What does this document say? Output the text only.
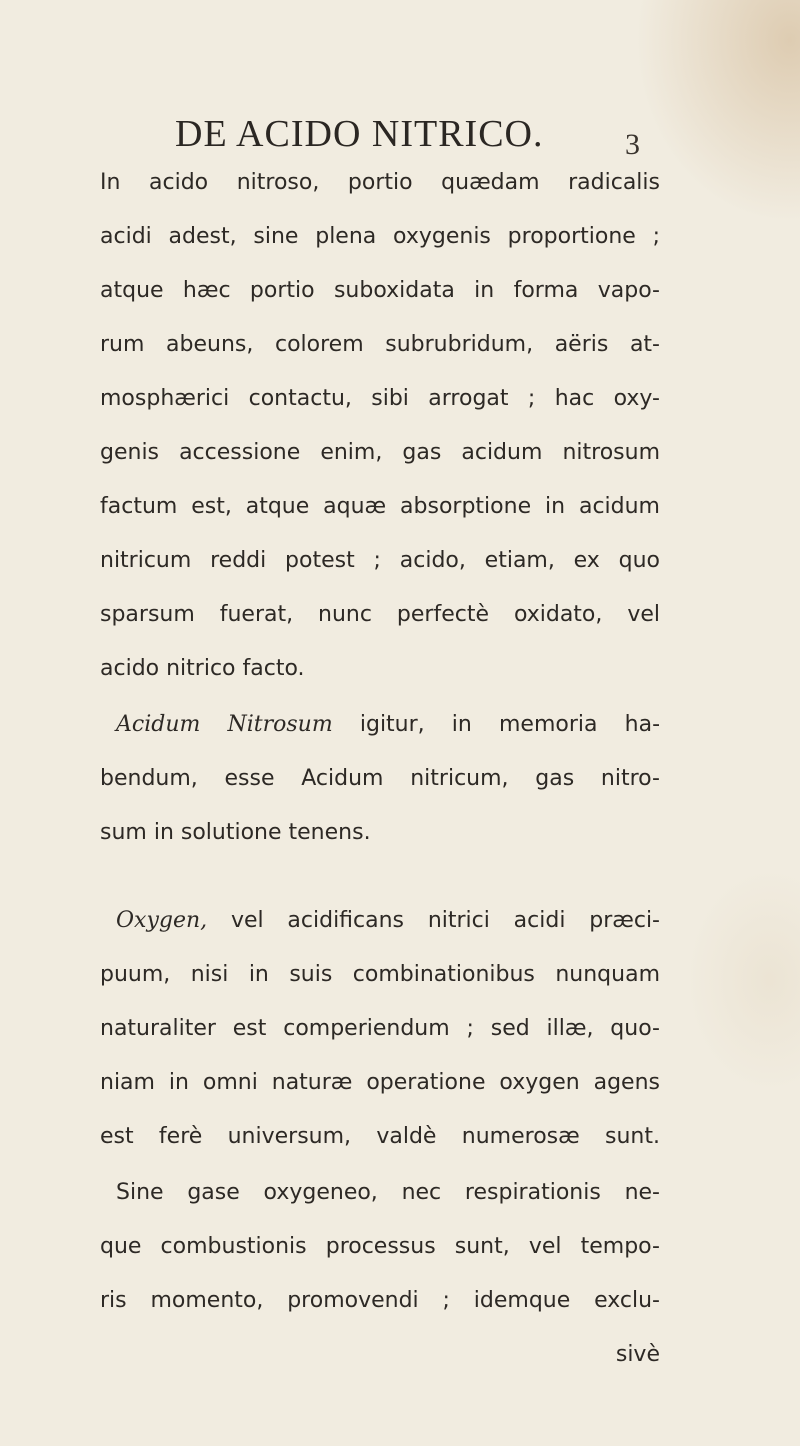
DE ACIDO NITRICO.	3
In acido nitroso, portio quædam radicalis
acidi adest, sine plena oxygenis proportione ;
atque hæc portio suboxidata in forma vapo-
rum abeuns, colorem subrubridum, aëris at-
mosphærici contactu, sibi arrogat ; hac oxy-
genis accessione enim, gas acidum nitrosum
factum est, atque aquæ absorptione in acidum
nitricum reddi potest ; acido, etiam, ex quo
sparsum fuerat, nunc perfectè oxidato, vel
acido nitrico facto.
Acidum Nitrosum igitur, in memoria ha-
bendum, esse Acidum nitricum, gas nitro-
sum in solutione tenens.
Oxygen, vel acidificans nitrici acidi præci-
puum, nisi in suis combinationibus nunquam
naturaliter est comperiendum ; sed illæ, quo-
niam in omni naturæ operatione oxygen agens
est ferè universum, valdè numerosæ sunt.
Sine gase oxygeneo, nec respirationis ne-
que combustionis processus sunt, vel tempo-
ris momento, promovendi ; idemque exclu-
sivè
